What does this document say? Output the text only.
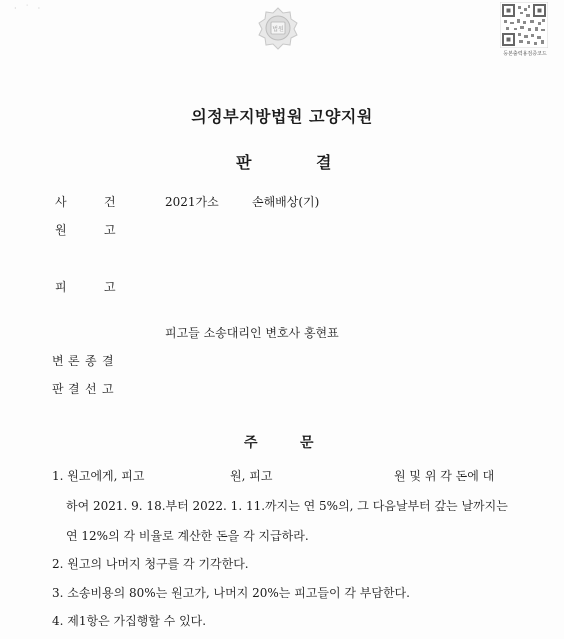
· ˙ ·
법원
등본출력용검증코드
의정부지방법원 고양지원
판	결
사	건	2021가소	손해배상(기)
원	고
피	고
피고들 소송대리인 변호사 홍현표
변 론 종 결
판 결 선 고
주	문
1. 원고에게, 피고	원, 피고	원 및 위 각 돈에 대
하여 2021. 9. 18.부터 2022. 1. 11.까지는 연 5%의, 그 다음날부터 갚는 날까지는
연 12%의 각 비율로 계산한 돈을 각 지급하라.
2. 원고의 나머지 청구를 각 기각한다.
3. 소송비용의 80%는 원고가, 나머지 20%는 피고들이 각 부담한다.
4. 제1항은 가집행할 수 있다.
